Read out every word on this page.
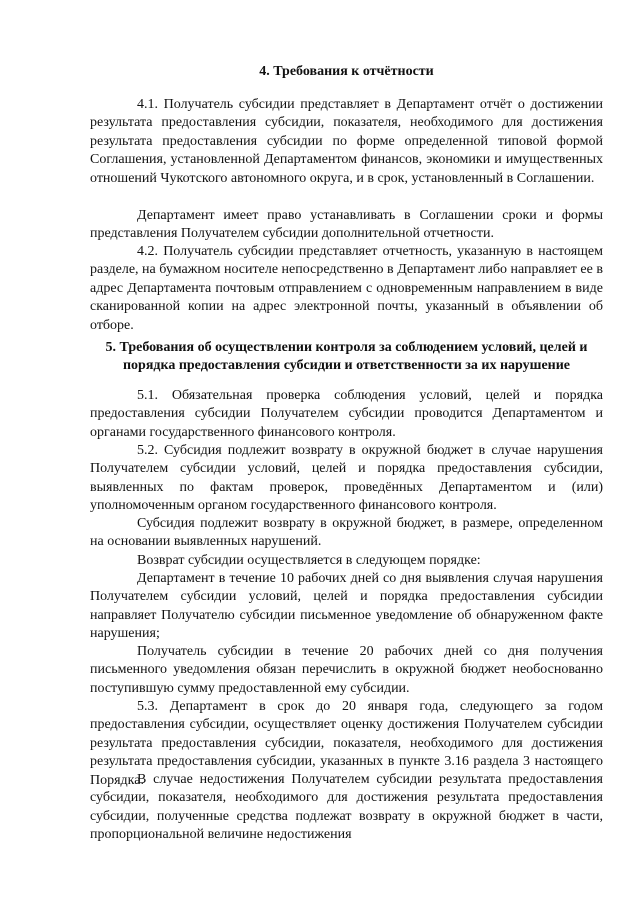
4. Требования к отчётности

4.1. Получатель субсидии представляет в Департамент отчёт о достижении результата предоставления субсидии, показателя, необходимого для достижения результата предоставления субсидии по форме определенной типовой формой Соглашения, установленной Департаментом финансов, экономики и имущественных отношений Чукотского автономного округа, и в срок, установленный в Соглашении.

Департамент имеет право устанавливать в Соглашении сроки и формы представления Получателем субсидии дополнительной отчетности.

4.2. Получатель субсидии представляет отчетность, указанную в настоящем разделе, на бумажном носителе непосредственно в Департамент либо направляет ее в адрес Департамента почтовым отправлением с одновременным направлением в виде сканированной копии на адрес электронной почты, указанный в объявлении об отборе.

5. Требования об осуществлении контроля за соблюдением условий, целей и порядка предоставления субсидии и ответственности за их нарушение

5.1. Обязательная проверка соблюдения условий, целей и порядка предоставления субсидии Получателем субсидии проводится Департаментом и органами государственного финансового контроля.

5.2. Субсидия подлежит возврату в окружной бюджет в случае нарушения Получателем субсидии условий, целей и порядка предоставления субсидии, выявленных по фактам проверок, проведённых Департаментом и (или) уполномоченным органом государственного финансового контроля.

Субсидия подлежит возврату в окружной бюджет, в размере, определенном на основании выявленных нарушений.

Возврат субсидии осуществляется в следующем порядке:

Департамент в течение 10 рабочих дней со дня выявления случая нарушения Получателем субсидии условий, целей и порядка предоставления субсидии направляет Получателю субсидии письменное уведомление об обнаруженном факте нарушения;

Получатель субсидии в течение 20 рабочих дней со дня получения письменного уведомления обязан перечислить в окружной бюджет необоснованно поступившую сумму предоставленной ему субсидии.

5.3. Департамент в срок до 20 января года, следующего за годом предоставления субсидии, осуществляет оценку достижения Получателем субсидии результата предоставления субсидии, показателя, необходимого для достижения результата предоставления субсидии, указанных в пункте 3.16 раздела 3 настоящего Порядка.

В случае недостижения Получателем субсидии результата предоставления субсидии, показателя, необходимого для достижения результата предоставления субсидии, полученные средства подлежат возврату в окружной бюджет в части, пропорциональной величине недостижения
